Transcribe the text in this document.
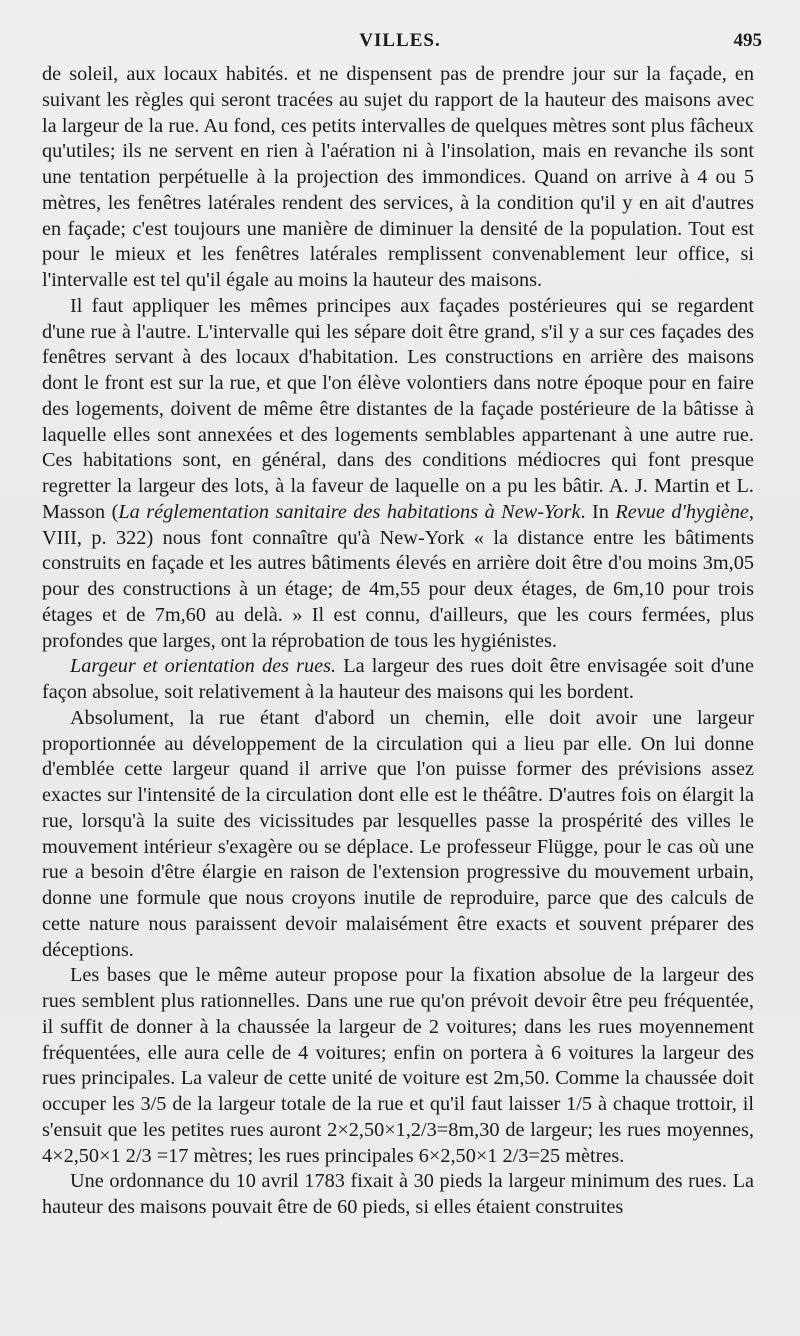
VILLES.	495

de soleil, aux locaux habités. et ne dispensent pas de prendre jour sur la façade, en suivant les règles qui seront tracées au sujet du rapport de la hauteur des maisons avec la largeur de la rue. Au fond, ces petits intervalles de quelques mètres sont plus fâcheux qu'utiles; ils ne servent en rien à l'aération ni à l'insolation, mais en revanche ils sont une tentation perpétuelle à la projection des immondices. Quand on arrive à 4 ou 5 mètres, les fenêtres latérales rendent des services, à la condition qu'il y en ait d'autres en façade; c'est toujours une manière de diminuer la densité de la population. Tout est pour le mieux et les fenêtres latérales remplissent convenablement leur office, si l'intervalle est tel qu'il égale au moins la hauteur des maisons.

Il faut appliquer les mêmes principes aux façades postérieures qui se regardent d'une rue à l'autre. L'intervalle qui les sépare doit être grand, s'il y a sur ces façades des fenêtres servant à des locaux d'habitation. Les constructions en arrière des maisons dont le front est sur la rue, et que l'on élève volontiers dans notre époque pour en faire des logements, doivent de même être distantes de la façade postérieure de la bâtisse à laquelle elles sont annexées et des logements semblables appartenant à une autre rue. Ces habitations sont, en général, dans des conditions médiocres qui font presque regretter la largeur des lots, à la faveur de laquelle on a pu les bâtir. A. J. Martin et L. Masson (La réglementation sanitaire des habitations à New-York. In Revue d'hygiène, VIII, p. 322) nous font connaître qu'à New-York « la distance entre les bâtiments construits en façade et les autres bâtiments élevés en arrière doit être d'ou moins 3m,05 pour des constructions à un étage; de 4m,55 pour deux étages, de 6m,10 pour trois étages et de 7m,60 au delà. » Il est connu, d'ailleurs, que les cours fermées, plus profondes que larges, ont la réprobation de tous les hygiénistes.

Largeur et orientation des rues. La largeur des rues doit être envisagée soit d'une façon absolue, soit relativement à la hauteur des maisons qui les bordent.

Absolument, la rue étant d'abord un chemin, elle doit avoir une largeur proportionnée au développement de la circulation qui a lieu par elle. On lui donne d'emblée cette largeur quand il arrive que l'on puisse former des prévisions assez exactes sur l'intensité de la circulation dont elle est le théâtre. D'autres fois on élargit la rue, lorsqu'à la suite des vicissitudes par lesquelles passe la prospérité des villes le mouvement intérieur s'exagère ou se déplace. Le professeur Flügge, pour le cas où une rue a besoin d'être élargie en raison de l'extension progressive du mouvement urbain, donne une formule que nous croyons inutile de reproduire, parce que des calculs de cette nature nous paraissent devoir malaisément être exacts et souvent préparer des déceptions.

Les bases que le même auteur propose pour la fixation absolue de la largeur des rues semblent plus rationnelles. Dans une rue qu'on prévoit devoir être peu fréquentée, il suffit de donner à la chaussée la largeur de 2 voitures; dans les rues moyennement fréquentées, elle aura celle de 4 voitures; enfin on portera à 6 voitures la largeur des rues principales. La valeur de cette unité de voiture est 2m,50. Comme la chaussée doit occuper les 3/5 de la largeur totale de la rue et qu'il faut laisser 1/5 à chaque trottoir, il s'ensuit que les petites rues auront 2×2,50×1,2/3=8m,30 de largeur; les rues moyennes, 4×2,50×1 2/3 =17 mètres; les rues principales 6×2,50×1 2/3=25 mètres.

Une ordonnance du 10 avril 1783 fixait à 30 pieds la largeur minimum des rues. La hauteur des maisons pouvait être de 60 pieds, si elles étaient construites
